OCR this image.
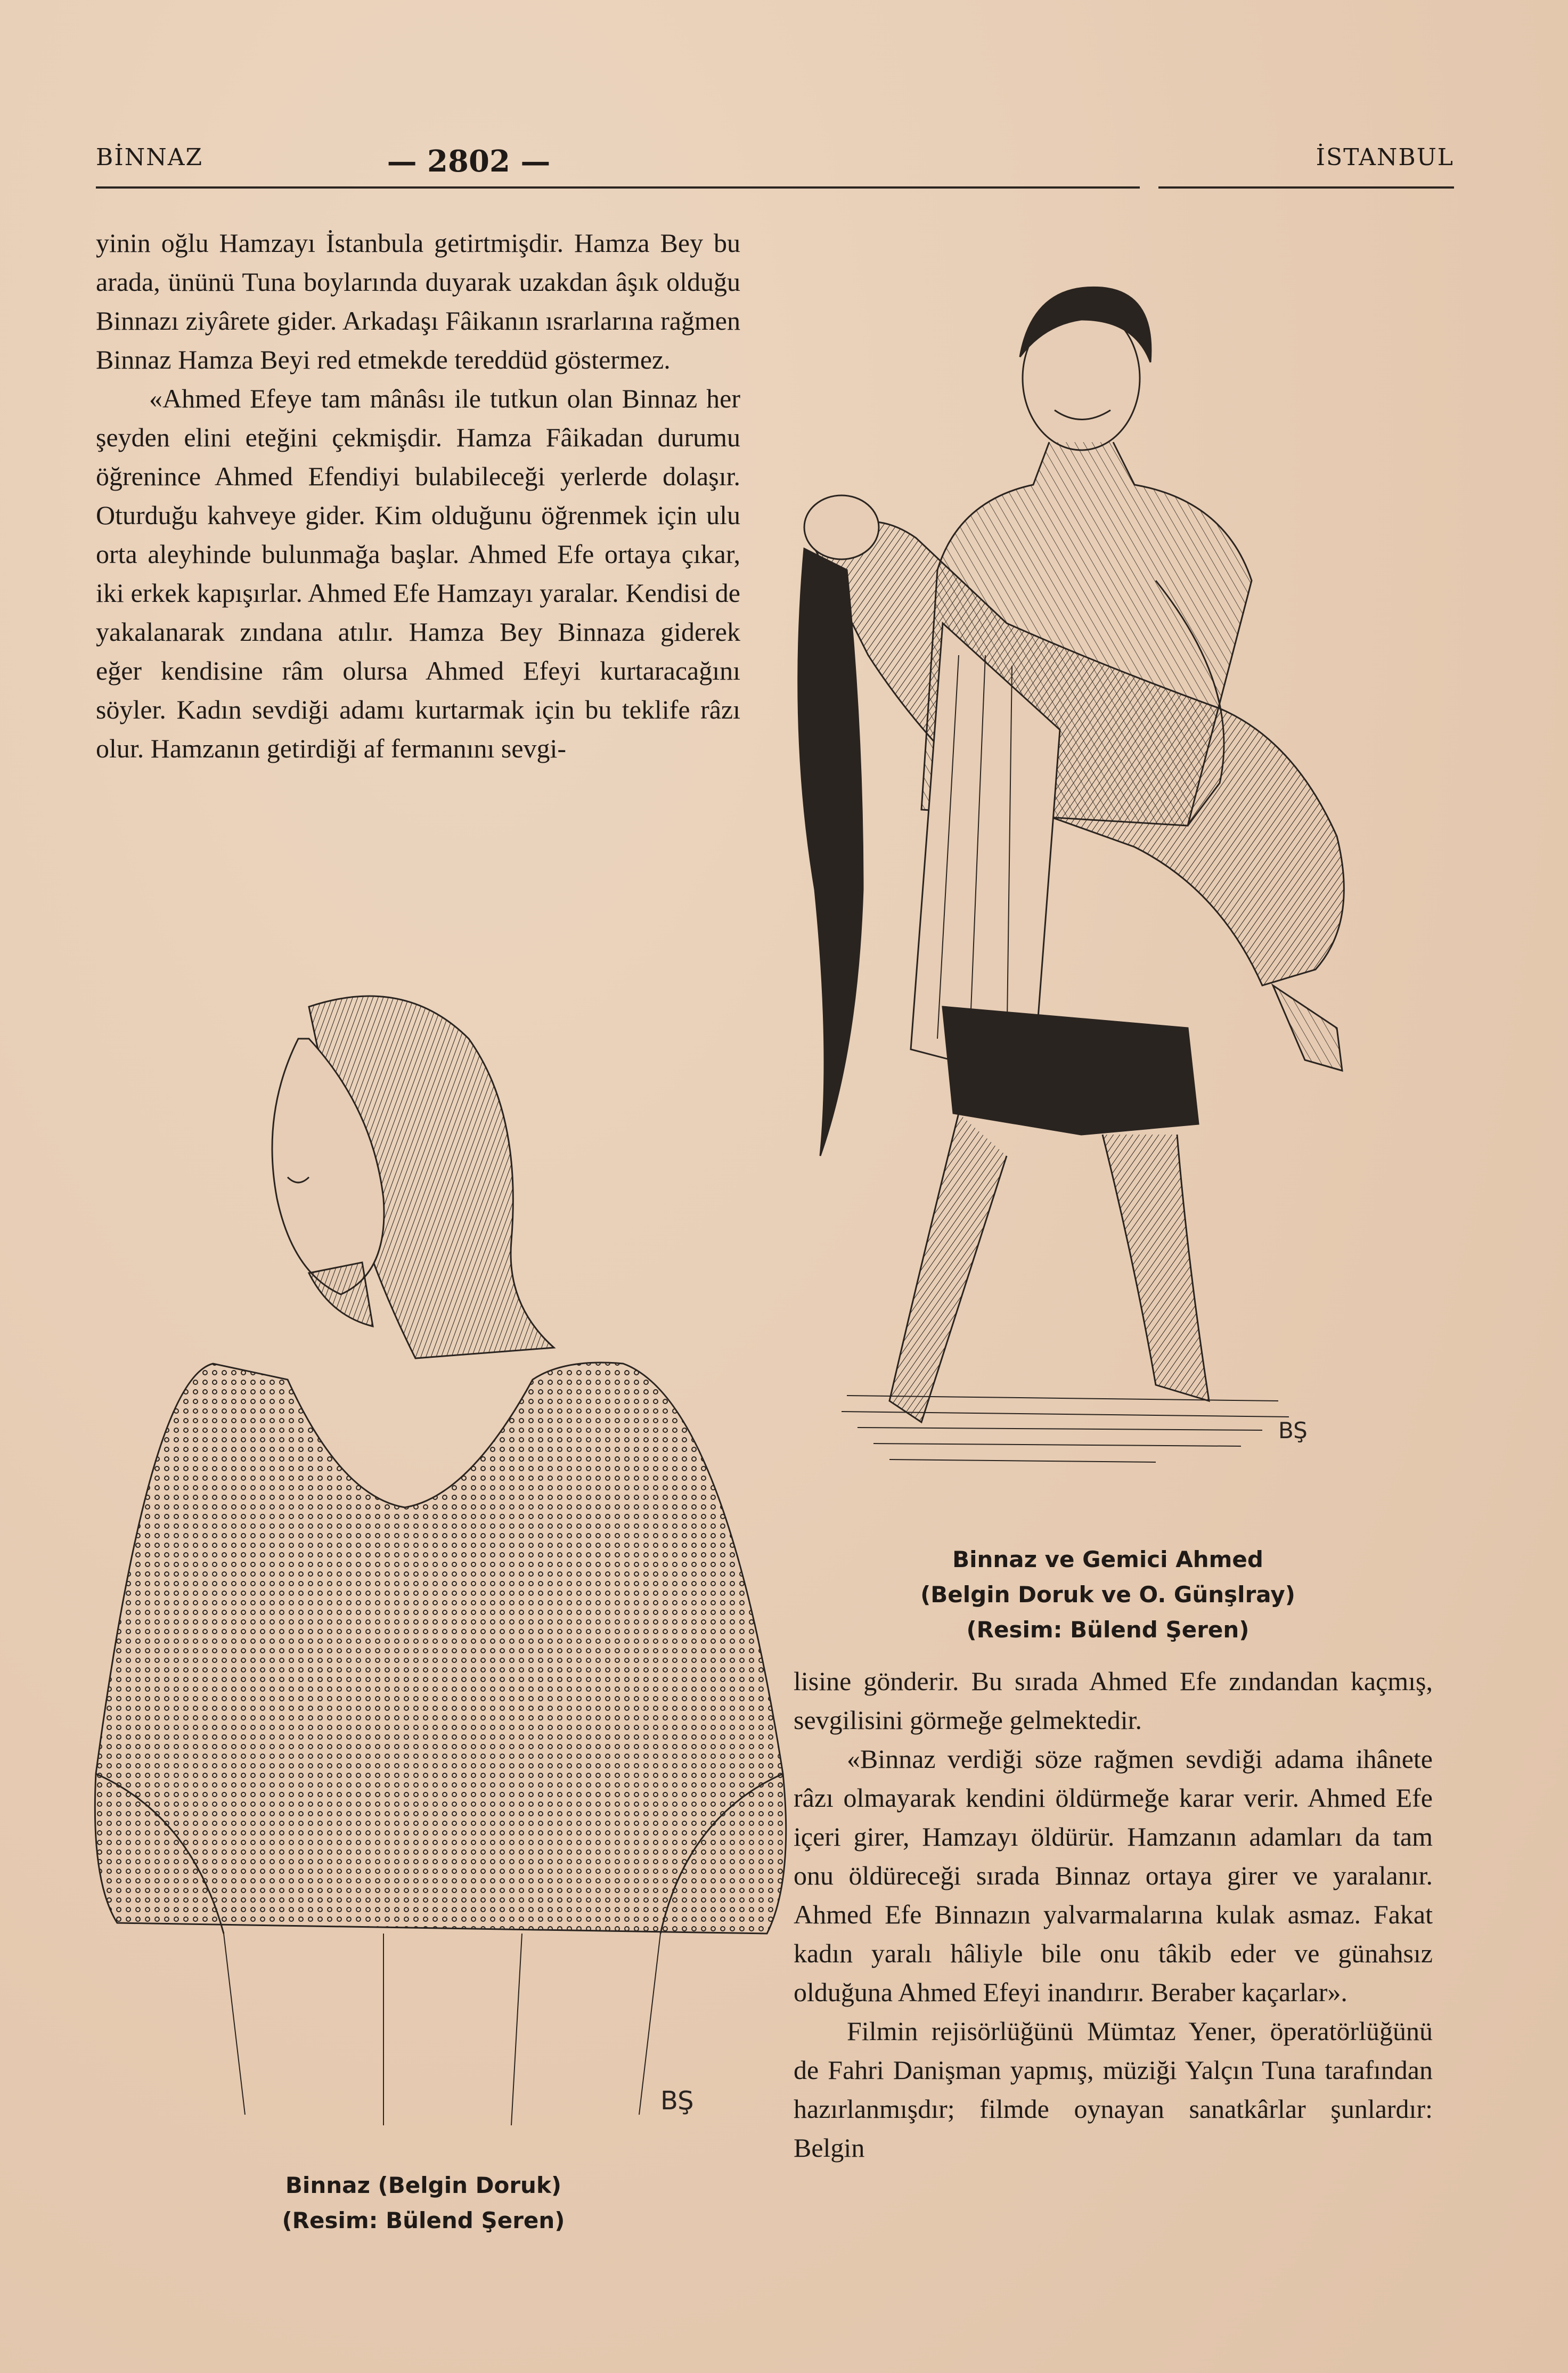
BİNNAZ	— 2802 —	İSTANBUL

yinin oğlu Hamzayı İstanbula getirtmişdir. Hamza Bey bu arada, ününü Tuna boylarında duyarak uzakdan âşık olduğu Binnazı ziyârete gider. Arkadaşı Fâikanın ısrarlarına rağmen Binnaz Hamza Beyi red etmekde tereddüd göstermez.

«Ahmed Efeye tam mânâsı ile tutkun olan Binnaz her şeyden elini eteğini çekmişdir. Hamza Fâikadan durumu öğrenince Ahmed Efendiyi bulabileceği yerlerde dolaşır. Oturduğu kahveye gider. Kim olduğunu öğrenmek için ulu orta aleyhinde bulunmağa başlar. Ahmed Efe ortaya çıkar, iki erkek kapışırlar. Ahmed Efe Hamzayı yaralar. Kendisi de yakalanarak zındana atılır. Hamza Bey Binnaza giderek eğer kendisine râm olursa Ahmed Efeyi kurtaracağını söyler. Kadın sevdiği adamı kurtarmak için bu teklife râzı olur. Hamzanın getirdiği af fermanını sevgi-

BŞ
Binnaz ve Gemici Ahmed
(Belgin Doruk ve O. Günşlray)
(Resim: Bülend Şeren)
BŞ
Binnaz (Belgin Doruk)
(Resim: Bülend Şeren)

lisine gönderir. Bu sırada Ahmed Efe zındandan kaçmış, sevgilisini görmeğe gelmektedir.

«Binnaz verdiği söze rağmen sevdiği adama ihânete râzı olmayarak kendini öldürmeğe karar verir. Ahmed Efe içeri girer, Hamzayı öldürür. Hamzanın adamları da tam onu öldüreceği sırada Binnaz ortaya girer ve yaralanır. Ahmed Efe Binnazın yalvarmalarına kulak asmaz. Fakat kadın yaralı hâliyle bile onu tâkib eder ve günahsız olduğuna Ahmed Efeyi inandırır. Beraber kaçarlar».

Filmin rejisörlüğünü Mümtaz Yener, öperatörlüğünü de Fahri Danişman yapmış, müziği Yalçın Tuna tarafından hazırlanmışdır; filmde oynayan sanatkârlar şunlardır: Belgin
